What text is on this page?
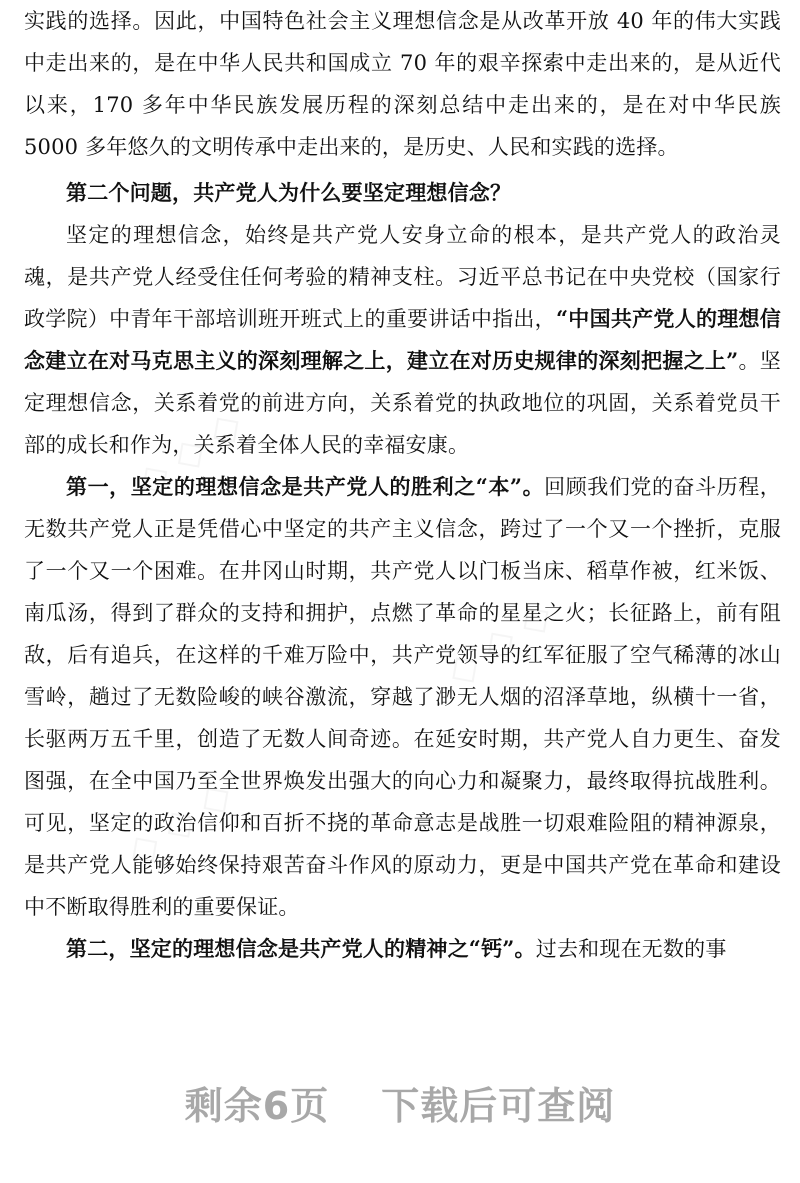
实践的选择。因此，中国特色社会主义理想信念是从改革开放 40 年的伟大实践中走出来的，是在中华人民共和国成立 70 年的艰辛探索中走出来的，是从近代以来，170 多年中华民族发展历程的深刻总结中走出来的，是在对中华民族 5000 多年悠久的文明传承中走出来的，是历史、人民和实践的选择。

第二个问题，共产党人为什么要坚定理想信念？

坚定的理想信念，始终是共产党人安身立命的根本，是共产党人的政治灵魂，是共产党人经受住任何考验的精神支柱。习近平总书记在中央党校（国家行政学院）中青年干部培训班开班式上的重要讲话中指出，“中国共产党人的理想信念建立在对马克思主义的深刻理解之上，建立在对历史规律的深刻把握之上”。坚定理想信念，关系着党的前进方向，关系着党的执政地位的巩固，关系着党员干部的成长和作为，关系着全体人民的幸福安康。

第一，坚定的理想信念是共产党人的胜利之“本”。回顾我们党的奋斗历程，无数共产党人正是凭借心中坚定的共产主义信念，跨过了一个又一个挫折，克服了一个又一个困难。在井冈山时期，共产党人以门板当床、稻草作被，红米饭、南瓜汤，得到了群众的支持和拥护，点燃了革命的星星之火；长征路上，前有阻敌，后有追兵，在这样的千难万险中，共产党领导的红军征服了空气稀薄的冰山雪岭，趟过了无数险峻的峡谷激流，穿越了渺无人烟的沼泽草地，纵横十一省，长驱两万五千里，创造了无数人间奇迹。在延安时期，共产党人自力更生、奋发图强，在全中国乃至全世界焕发出强大的向心力和凝聚力，最终取得抗战胜利。可见，坚定的政治信仰和百折不挠的革命意志是战胜一切艰难险阻的精神源泉，是共产党人能够始终保持艰苦奋斗作风的原动力，更是中国共产党在革命和建设中不断取得胜利的重要保证。

第二，坚定的理想信念是共产党人的精神之“钙”。过去和现在无数的事

剩余6页 下载后可查阅
